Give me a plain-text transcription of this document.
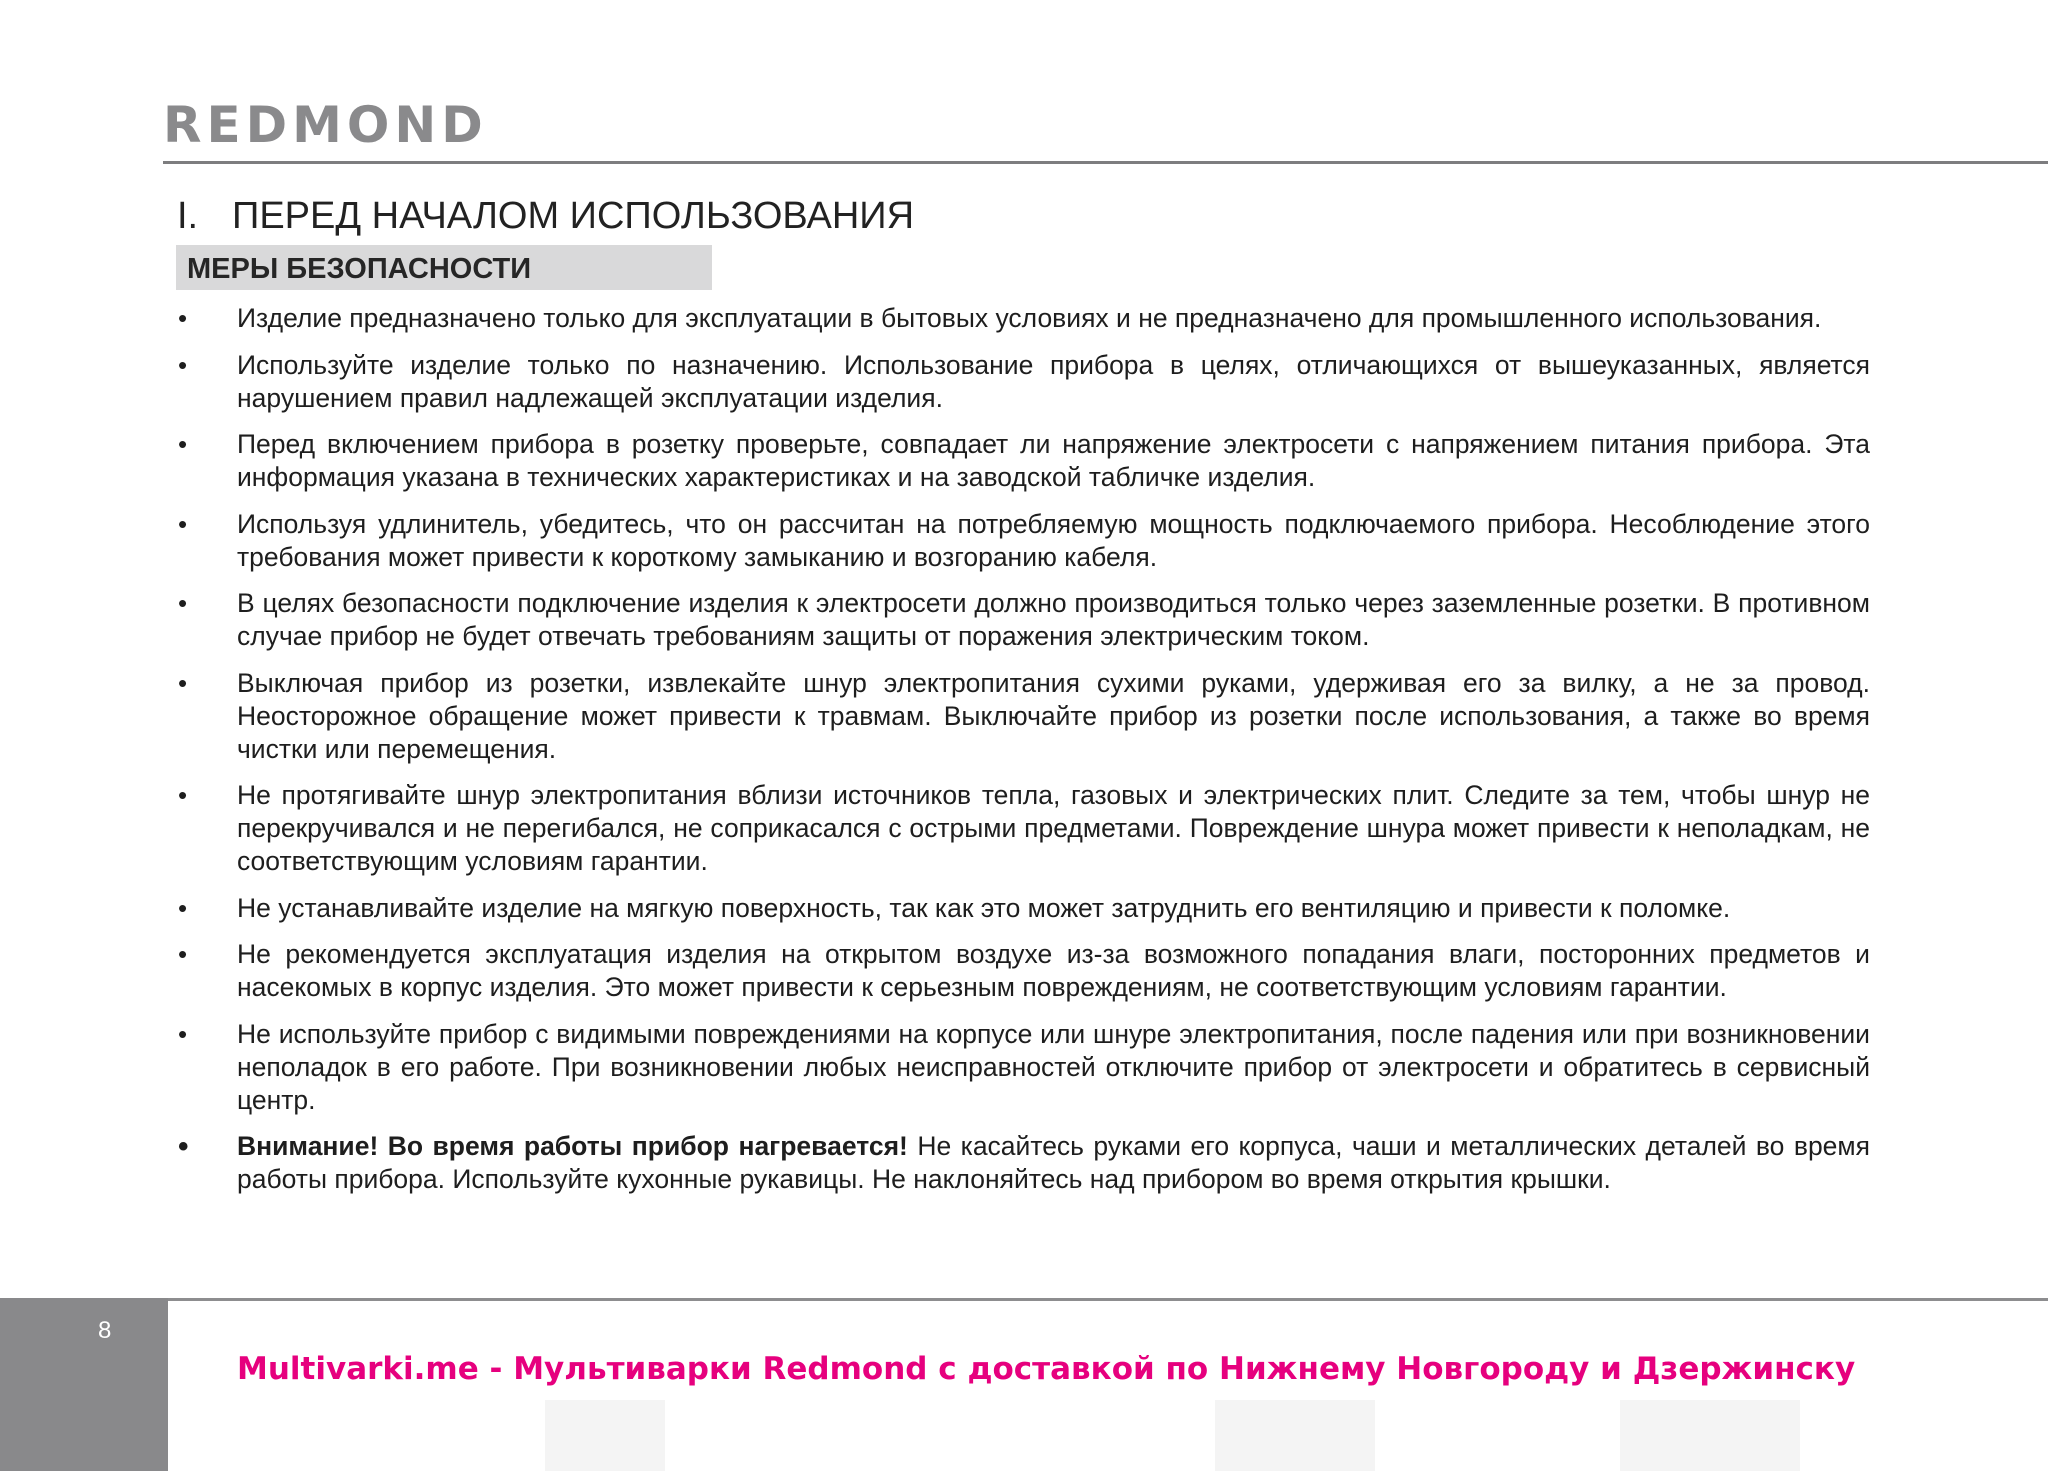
REDMOND
I. ПЕРЕД НАЧАЛОМ ИСПОЛЬЗОВАНИЯ
МЕРЫ БЕЗОПАСНОСТИ
• Изделие предназначено только для эксплуатации в бытовых условиях и не предназначено для промышленного использования.
• Используйте изделие только по назначению. Использование прибора в целях, отличающихся от вышеуказанных, является нарушением правил надлежащей эксплуатации изделия.
• Перед включением прибора в розетку проверьте, совпадает ли напряжение электросети с напряжением питания прибора. Эта информация указана в технических характеристиках и на заводской табличке изделия.
• Используя удлинитель, убедитесь, что он рассчитан на потребляемую мощность подключаемого прибора. Несоблюдение этого требования может привести к короткому замыканию и возгоранию кабеля.
• В целях безопасности подключение изделия к электросети должно производиться только через заземленные розетки. В противном случае прибор не будет отвечать требованиям защиты от поражения электрическим током.
• Выключая прибор из розетки, извлекайте шнур электропитания сухими руками, удерживая его за вилку, а не за провод. Неосторожное обращение может привести к травмам. Выключайте прибор из розетки после использования, а также во время чистки или перемещения.
• Не протягивайте шнур электропитания вблизи источников тепла, газовых и электрических плит. Следите за тем, чтобы шнур не перекручивался и не перегибался, не соприкасался с острыми предметами. Повреждение шнура может привести к неполадкам, не соответствующим условиям гарантии.
• Не устанавливайте изделие на мягкую поверхность, так как это может затруднить его вентиляцию и привести к поломке.
• Не рекомендуется эксплуатация изделия на открытом воздухе из-за возможного попадания влаги, посторонних предметов и насекомых в корпус изделия. Это может привести к серьезным повреждениям, не соответствующим условиям гарантии.
• Не используйте прибор с видимыми повреждениями на корпусе или шнуре электропитания, после падения или при возникновении неполадок в его работе. При возникновении любых неисправностей отключите прибор от электросети и обратитесь в сервисный центр.
• Внимание! Во время работы прибор нагревается! Не касайтесь руками его корпуса, чаши и металлических деталей во время работы прибора. Используйте кухонные рукавицы. Не наклоняйтесь над прибором во время открытия крышки.
8
Multivarki.me - Мультиварки Redmond с доставкой по Нижнему Новгороду и Дзержинску
